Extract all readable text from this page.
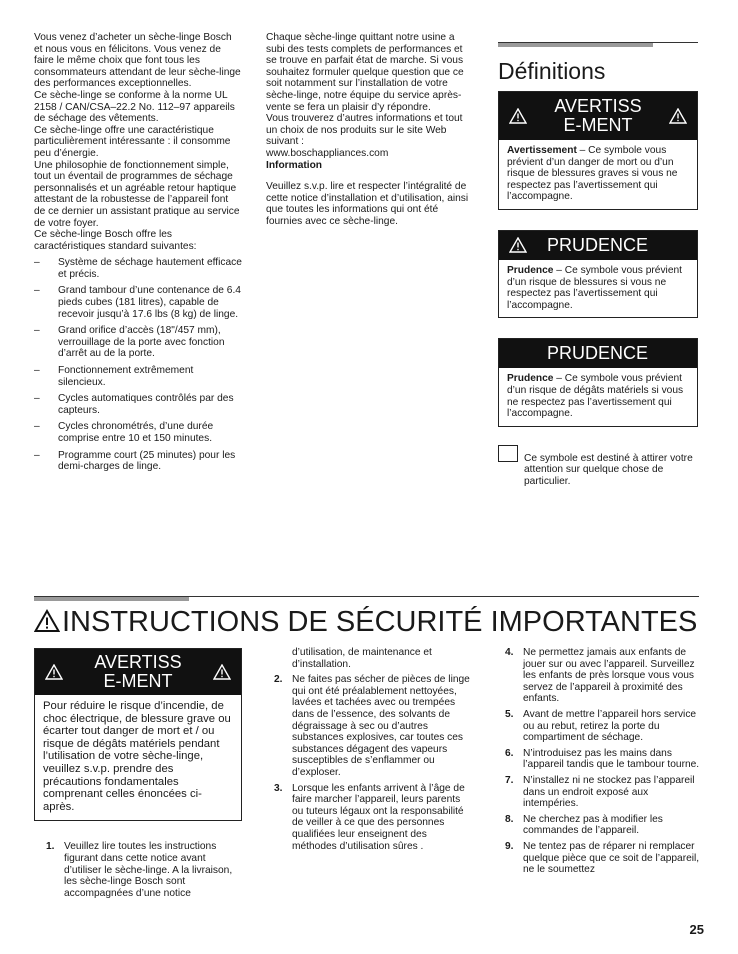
Vous venez d’acheter un sèche-linge Bosch et nous vous en félicitons. Vous venez de faire le même choix que font tous les consommateurs attendant de leur sèche-linge des performances exceptionnelles.

Ce sèche-linge se conforme à la norme UL 2158 / CAN/CSA–22.2 No. 112–97 appareils de séchage des vêtements.

Ce sèche-linge offre une caractéristique particulièrement intéressante : il consomme peu d’énergie.

Une philosophie de fonctionnement simple, tout un éventail de programmes de séchage personnalisés et un agréable retour haptique attestant de la robustesse de l’appareil font de ce dernier un assistant pratique au service de votre foyer.

Ce sèche-linge Bosch offre les caractéristiques standard suivantes:

– Système de séchage hautement efficace et précis.
– Grand tambour d’une contenance de 6.4 pieds cubes (181 litres), capable de recevoir jusqu’à 17.6 lbs (8 kg) de linge.
– Grand orifice d’accès (18"/457 mm), verrouillage de la porte avec fonction d’arrêt au de la porte.
– Fonctionnement extrêmement silencieux.
– Cycles automatiques contrôlés par des capteurs.
– Cycles chronométrés, d’une durée comprise entre 10 et 150 minutes.
– Programme court (25 minutes) pour les demi-charges de linge.

Chaque sèche-linge quittant notre usine a subi des tests complets de performances et se trouve en parfait état de marche. Si vous souhaitez formuler quelque question que ce soit notamment sur l’installation de votre sèche-linge, notre équipe du service après-vente se fera un plaisir d’y répondre.

Vous trouverez d’autres informations et tout un choix de nos produits sur le site Web suivant :

www.boschappliances.com

Information

Veuillez s.v.p. lire et respecter l’intégralité de cette notice d’installation et d’utilisation, ainsi que toutes les informations qui ont été fournies avec ce sèche-linge.

Définitions
AVERTISSE-MENT
Avertissement – Ce symbole vous prévient d’un danger de mort ou d’un risque de blessures graves si vous ne respectez pas l’avertissement qui l’accompagne.
PRUDENCE
Prudence – Ce symbole vous prévient d’un risque de blessures si vous ne respectez pas l’avertissement qui l’accompagne.
PRUDENCE
Prudence – Ce symbole vous prévient d’un risque de dégâts matériels si vous ne respectez pas l’avertissement qui l’accompagne.

Ce symbole est destiné à attirer votre attention sur quelque chose de particulier.

INSTRUCTIONS DE SÉCURITÉ IMPORTANTES
AVERTISSE-MENT
Pour réduire le risque d’incendie, de choc électrique, de blessure grave ou écarter tout danger de mort et / ou risque de dégâts matériels pendant l’utilisation de votre sèche-linge, veuillez s.v.p. prendre des précautions fondamentales comprenant celles énoncées ci-après.
1. Veuillez lire toutes les instructions figurant dans cette notice avant d’utiliser le sèche-linge. A la livraison, les sèche-linge Bosch sont accompagnées d’une notice

d’utilisation, de maintenance et d’installation.

2. Ne faites pas sécher de pièces de linge qui ont été préalablement nettoyées, lavées et tachées avec ou trempées dans de l’essence, des solvants de dégraissage à sec ou d’autres substances explosives, car toutes ces substances dégagent des vapeurs susceptibles de s’enflammer ou d’exploser.
3. Lorsque les enfants arrivent à l’âge de faire marcher l’appareil, leurs parents ou tuteurs légaux ont la responsabilité de veiller à ce que des personnes qualifiées leur enseignent des méthodes d’utilisation sûres .
4. Ne permettez jamais aux enfants de jouer sur ou avec l’appareil. Surveillez les enfants de près lorsque vous vous servez de l’appareil à proximité des enfants.
5. Avant de mettre l’appareil hors service ou au rebut, retirez la porte du compartiment de séchage.
6. N’introduisez pas les mains dans l’appareil tandis que le tambour tourne.
7. N’installez ni ne stockez pas l’appareil dans un endroit exposé aux intempéries.
8. Ne cherchez pas à modifier les commandes de l’appareil.
9. Ne tentez pas de réparer ni remplacer quelque pièce que ce soit de l’appareil, ne le soumettez
25
